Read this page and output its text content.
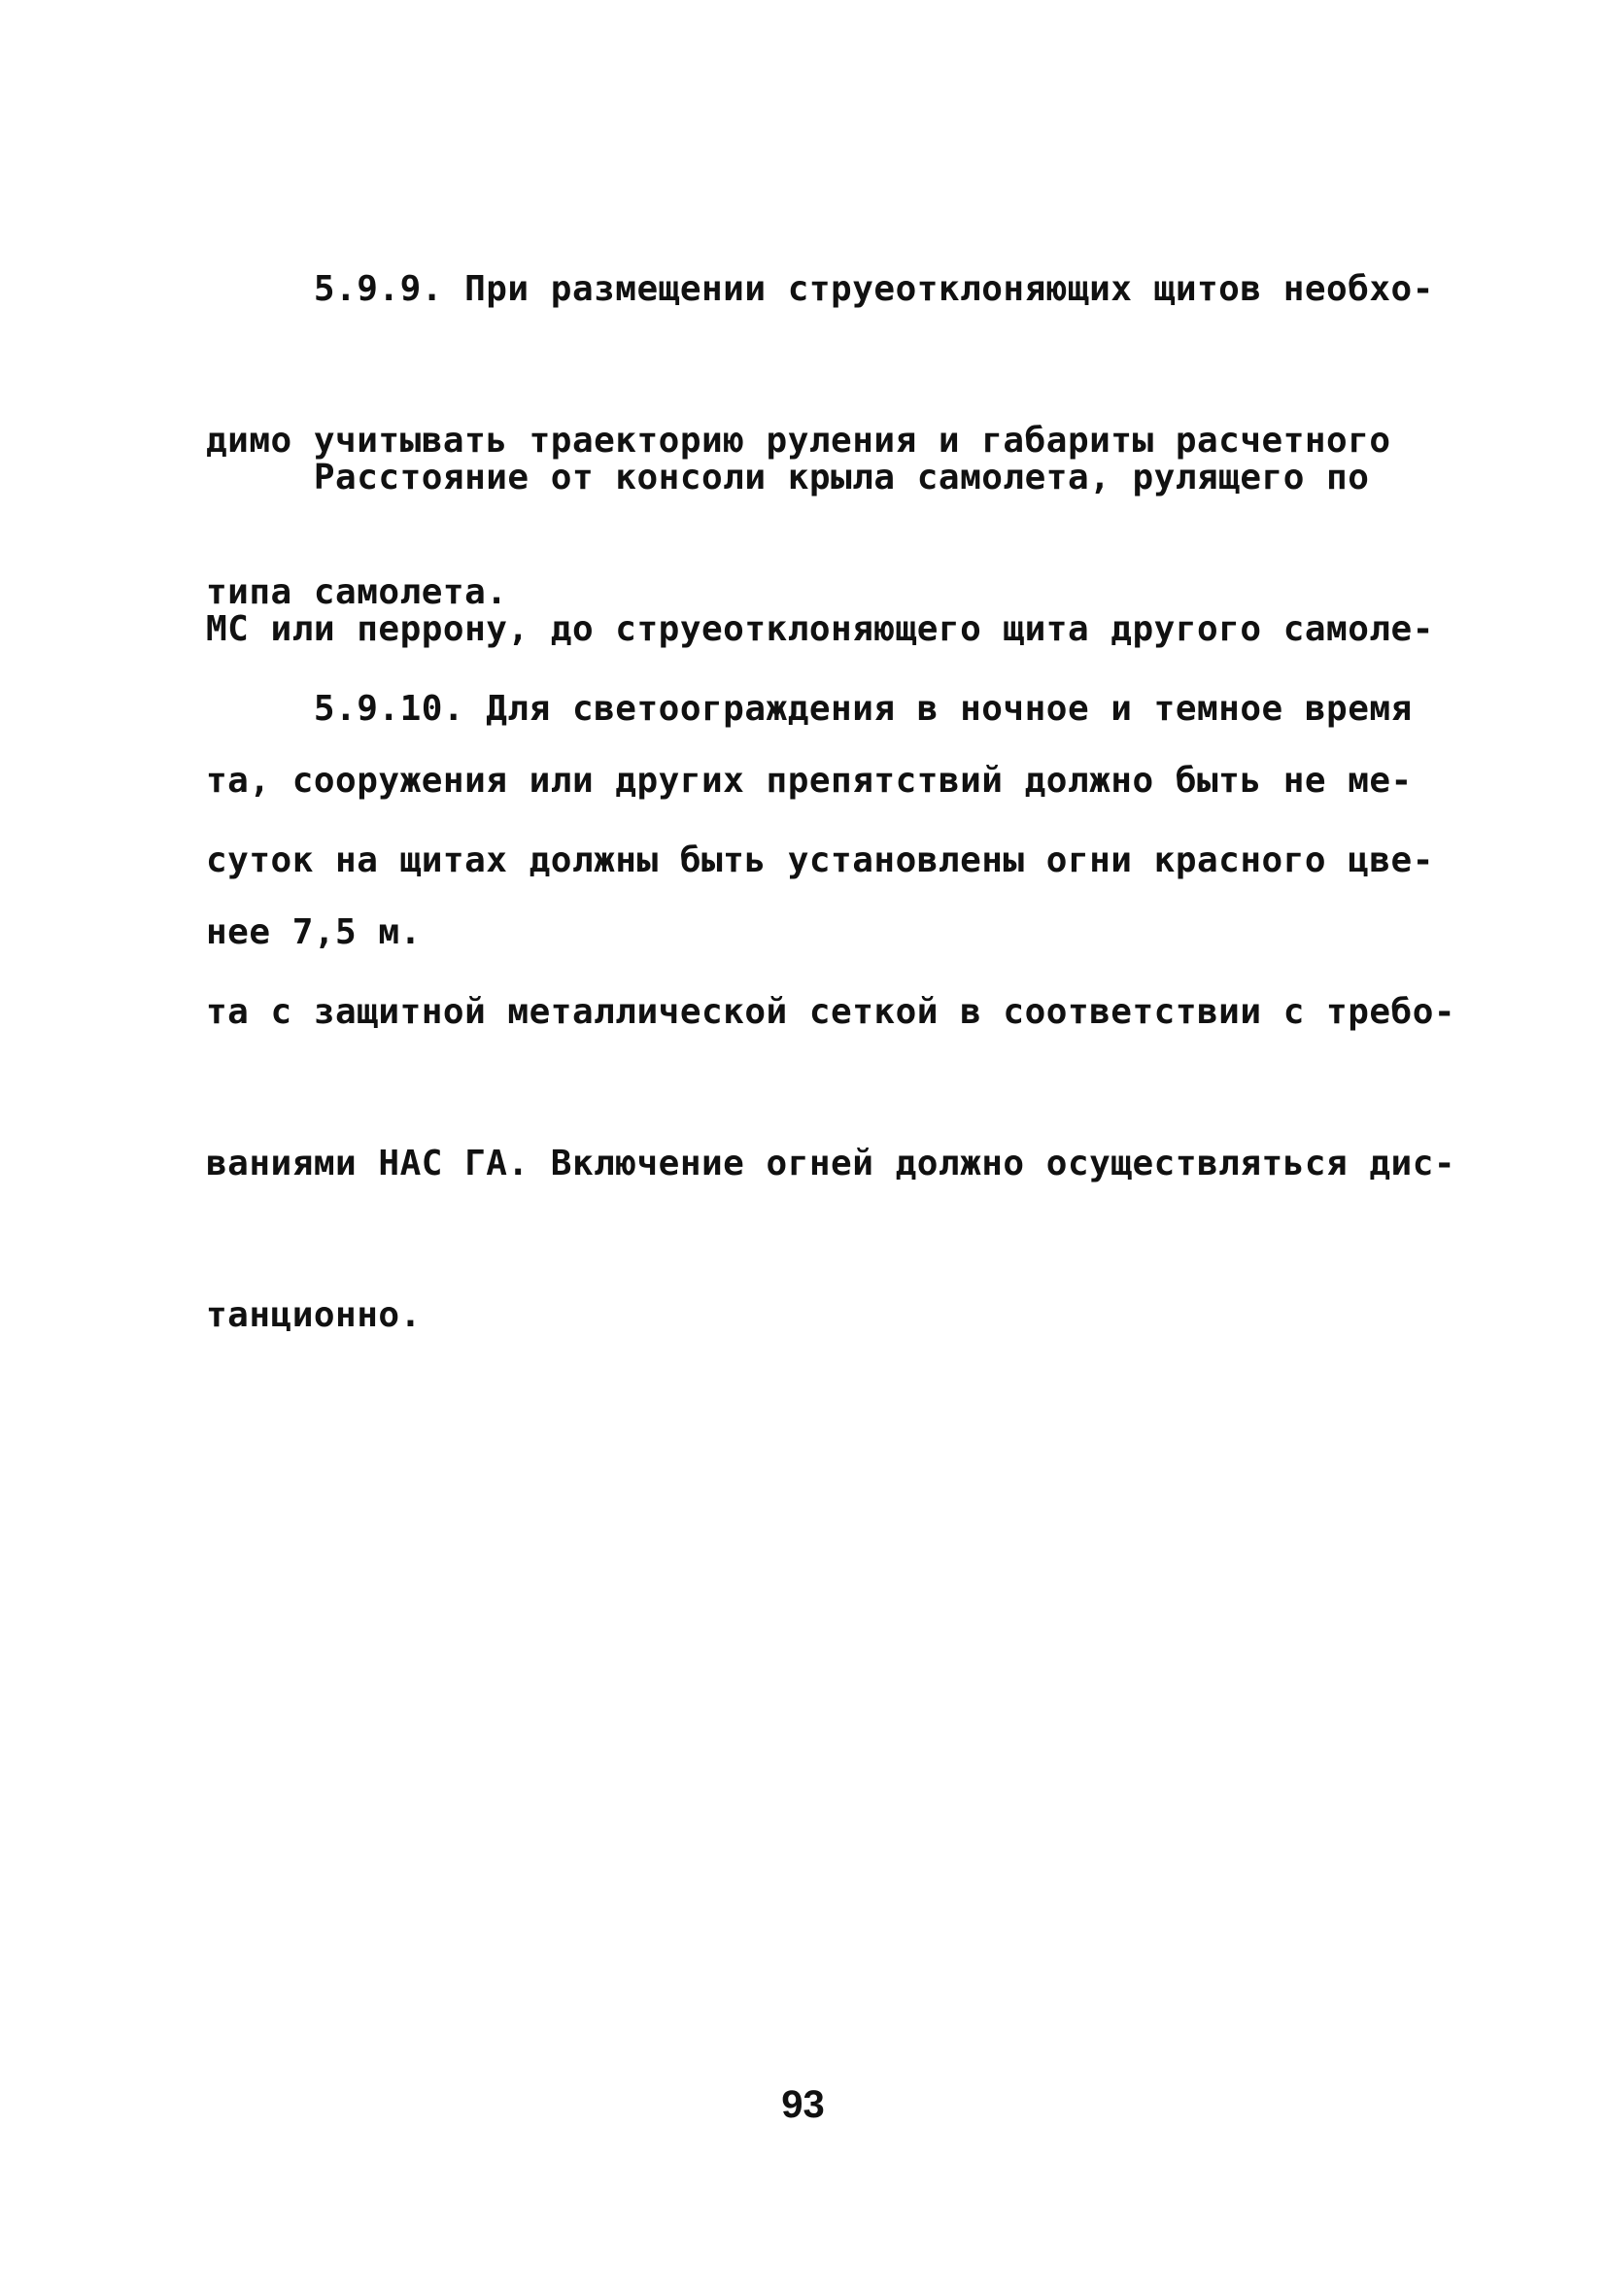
5.9.9. При размещении струеотклоняющих щитов необхо-

димо учитывать траекторию руления и габариты расчетного

типа самолета.

Расстояние от консоли крыла самолета, рулящего по

МС или перрону, до струеотклоняющего щита другого самоле-

та, сооружения или других препятствий должно быть не ме-

нее 7,5 м.

5.9.10. Для светоограждения в ночное и темное время

суток на щитах должны быть установлены огни красного цве-

та с защитной металлической сеткой в соответствии с требо-

ваниями НАС ГА. Включение огней должно осуществляться дис-

танционно.

93
